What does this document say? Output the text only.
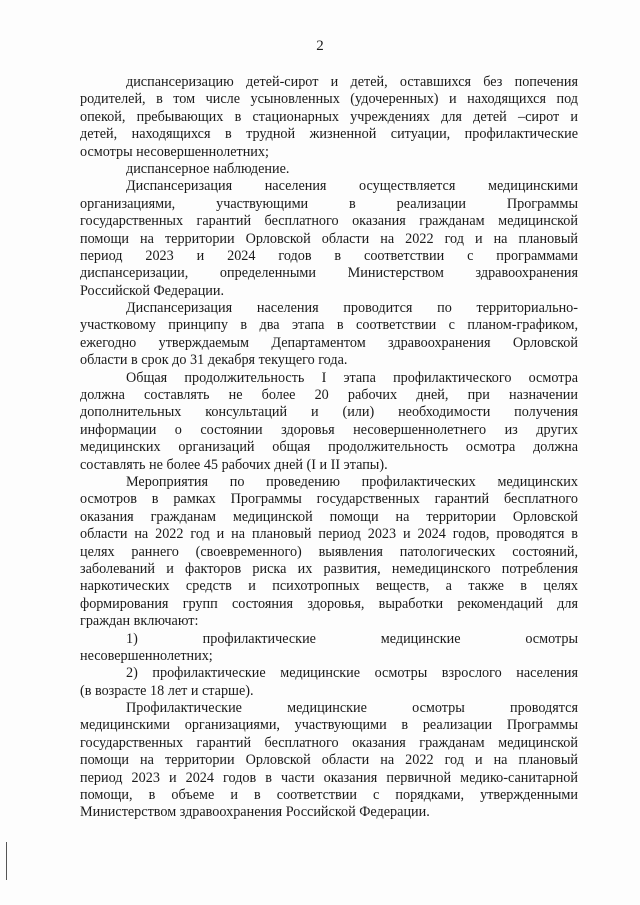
2
диспансеризацию детей-сирот и детей, оставшихся без попечения
родителей, в том числе усыновленных (удочеренных) и находящихся под
опекой, пребывающих в стационарных учреждениях для детей –сирот и
детей, находящихся в трудной жизненной ситуации, профилактические
осмотры несовершеннолетних;
диспансерное наблюдение.
Диспансеризация населения осуществляется медицинскими
организациями, участвующими в реализации Программы
государственных гарантий бесплатного оказания гражданам медицинской
помощи на территории Орловской области на 2022 год и на плановый
период 2023 и 2024 годов в соответствии с программами
диспансеризации, определенными Министерством здравоохранения
Российской Федерации.
Диспансеризация населения проводится по территориально-
участковому принципу в два этапа в соответствии с планом-графиком,
ежегодно утверждаемым Департаментом здравоохранения Орловской
области в срок до 31 декабря текущего года.
Общая продолжительность I этапа профилактического осмотра
должна составлять не более 20 рабочих дней, при назначении
дополнительных консультаций и (или) необходимости получения
информации о состоянии здоровья несовершеннолетнего из других
медицинских организаций общая продолжительность осмотра должна
составлять не более 45 рабочих дней (I и II этапы).
Мероприятия по проведению профилактических медицинских
осмотров в рамках Программы государственных гарантий бесплатного
оказания гражданам медицинской помощи на территории Орловской
области на 2022 год и на плановый период 2023 и 2024 годов, проводятся в
целях раннего (своевременного) выявления патологических состояний,
заболеваний и факторов риска их развития, немедицинского потребления
наркотических средств и психотропных веществ, а также в целях
формирования групп состояния здоровья, выработки рекомендаций для
граждан включают:
1) профилактические медицинские осмотры
несовершеннолетних;
2) профилактические медицинские осмотры взрослого населения
(в возрасте 18 лет и старше).
Профилактические медицинские осмотры проводятся
медицинскими организациями, участвующими в реализации Программы
государственных гарантий бесплатного оказания гражданам медицинской
помощи на территории Орловской области на 2022 год и на плановый
период 2023 и 2024 годов в части оказания первичной медико-санитарной
помощи, в объеме и в соответствии с порядками, утвержденными
Министерством здравоохранения Российской Федерации.
